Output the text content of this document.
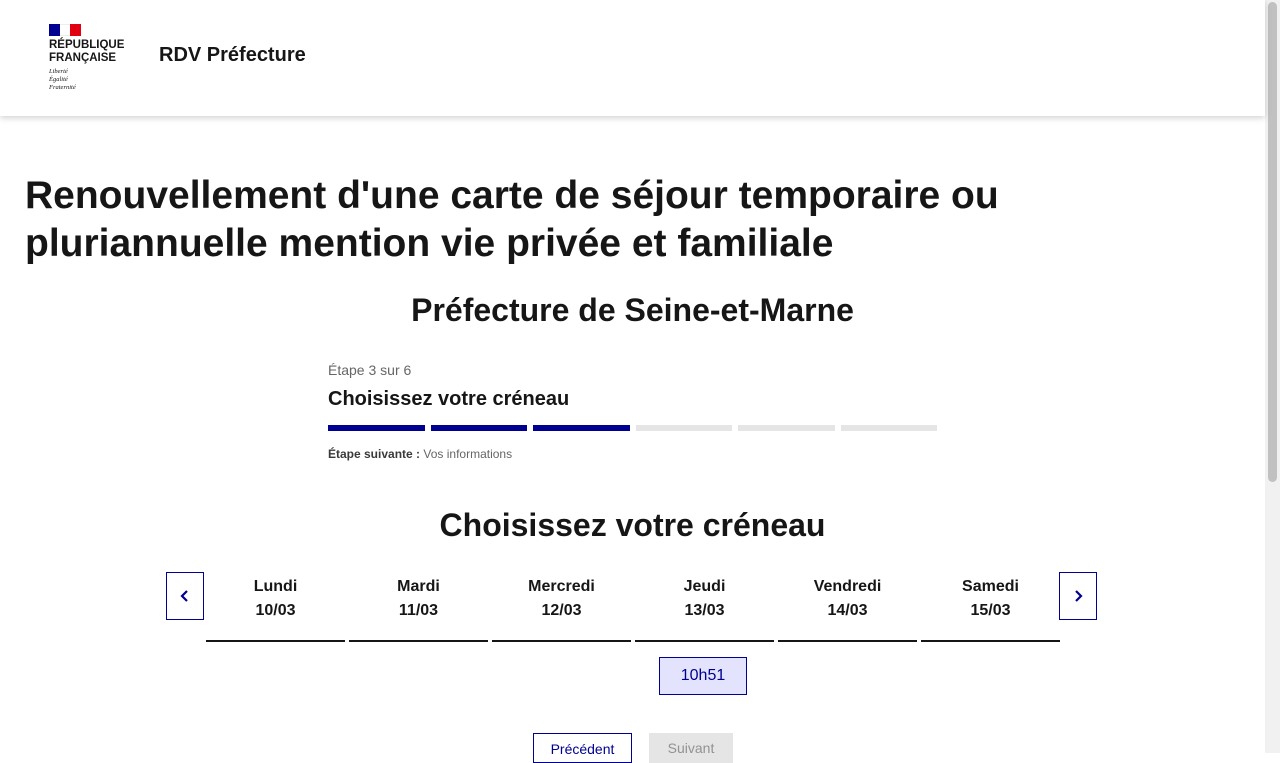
RÉPUBLIQUE
FRANÇAISE
Liberté
Égalité
Fraternité
RDV Préfecture
Renouvellement d'une carte de séjour temporaire ou pluriannuelle mention vie privée et familiale
Préfecture de Seine-et-Marne
Étape 3 sur 6
Choisissez votre créneau
Étape suivante : Vos informations
Choisissez votre créneau
Lundi
10/03
Mardi
11/03
Mercredi
12/03
Jeudi
13/03
Vendredi
14/03
Samedi
15/03
10h51
Précédent	Suivant
